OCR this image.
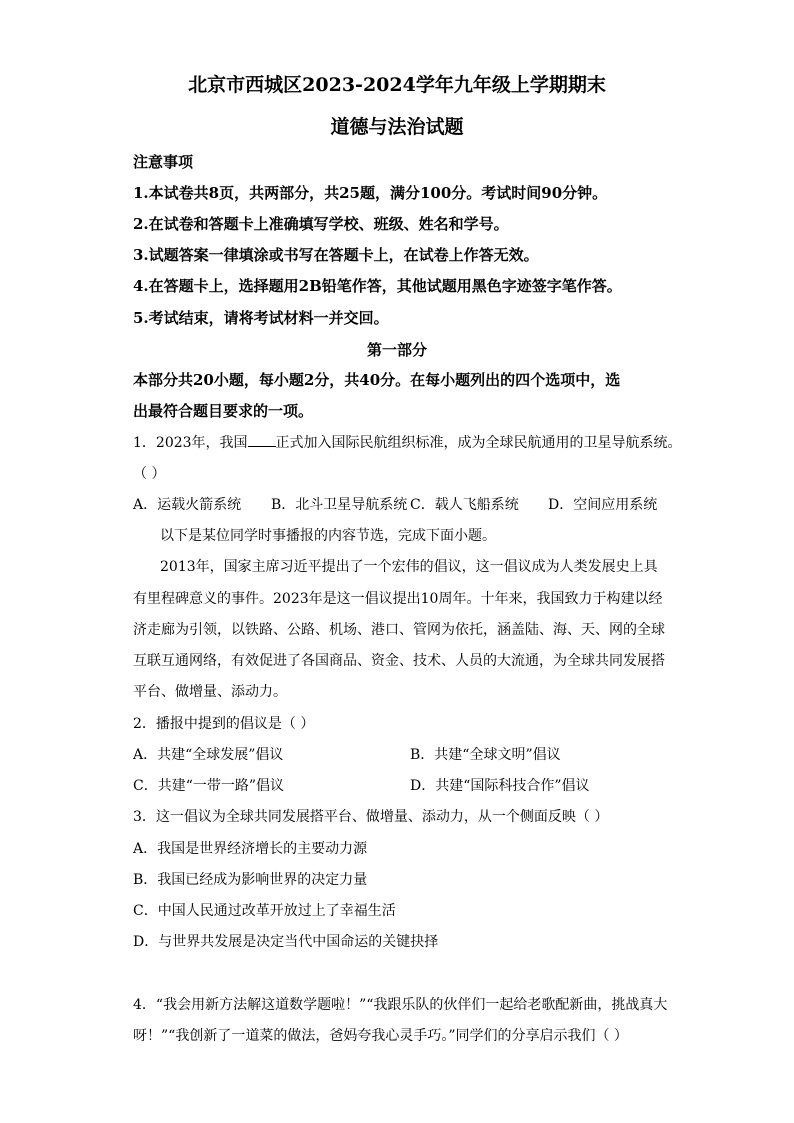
北京市西城区2023-2024学年九年级上学期期末
道德与法治试题
注意事项
1.本试卷共8页，共两部分，共25题，满分100分。考试时间90分钟。
2.在试卷和答题卡上准确填写学校、班级、姓名和学号。
3.试题答案一律填涂或书写在答题卡上，在试卷上作答无效。
4.在答题卡上，选择题用2B铅笔作答，其他试题用黑色字迹签字笔作答。
5.考试结束，请将考试材料一并交回。
第一部分
本部分共20小题，每小题2分，共40分。在每小题列出的四个选项中，选
出最符合题目要求的一项。
1．2023年，我国 正式加入国际民航组织标准，成为全球民航通用的卫星导航系统。
（ ）
A．运载火箭系统 B．北斗卫星导航系统 C．载人飞船系统 D．空间应用系统
以下是某位同学时事播报的内容节选，完成下面小题。
2013年，国家主席习近平提出了一个宏伟的倡议，这一倡议成为人类发展史上具
有里程碑意义的事件。2023年是这一倡议提出10周年。十年来，我国致力于构建以经
济走廊为引领，以铁路、公路、机场、港口、管网为依托，涵盖陆、海、天、网的全球
互联互通网络，有效促进了各国商品、资金、技术、人员的大流通，为全球共同发展搭
平台、做增量、添动力。
2．播报中提到的倡议是（ ）
A．共建“全球发展”倡议	B．共建“全球文明”倡议
C．共建“一带一路”倡议	D．共建“国际科技合作”倡议
3．这一倡议为全球共同发展搭平台、做增量、添动力，从一个侧面反映（ ）
A．我国是世界经济增长的主要动力源
B．我国已经成为影响世界的决定力量
C．中国人民通过改革开放过上了幸福生活
D．与世界共发展是决定当代中国命运的关键抉择
4．“我会用新方法解这道数学题啦！”“我跟乐队的伙伴们一起给老歌配新曲，挑战真大
呀！”“我创新了一道菜的做法，爸妈夸我心灵手巧。”同学们的分享启示我们（ ）
